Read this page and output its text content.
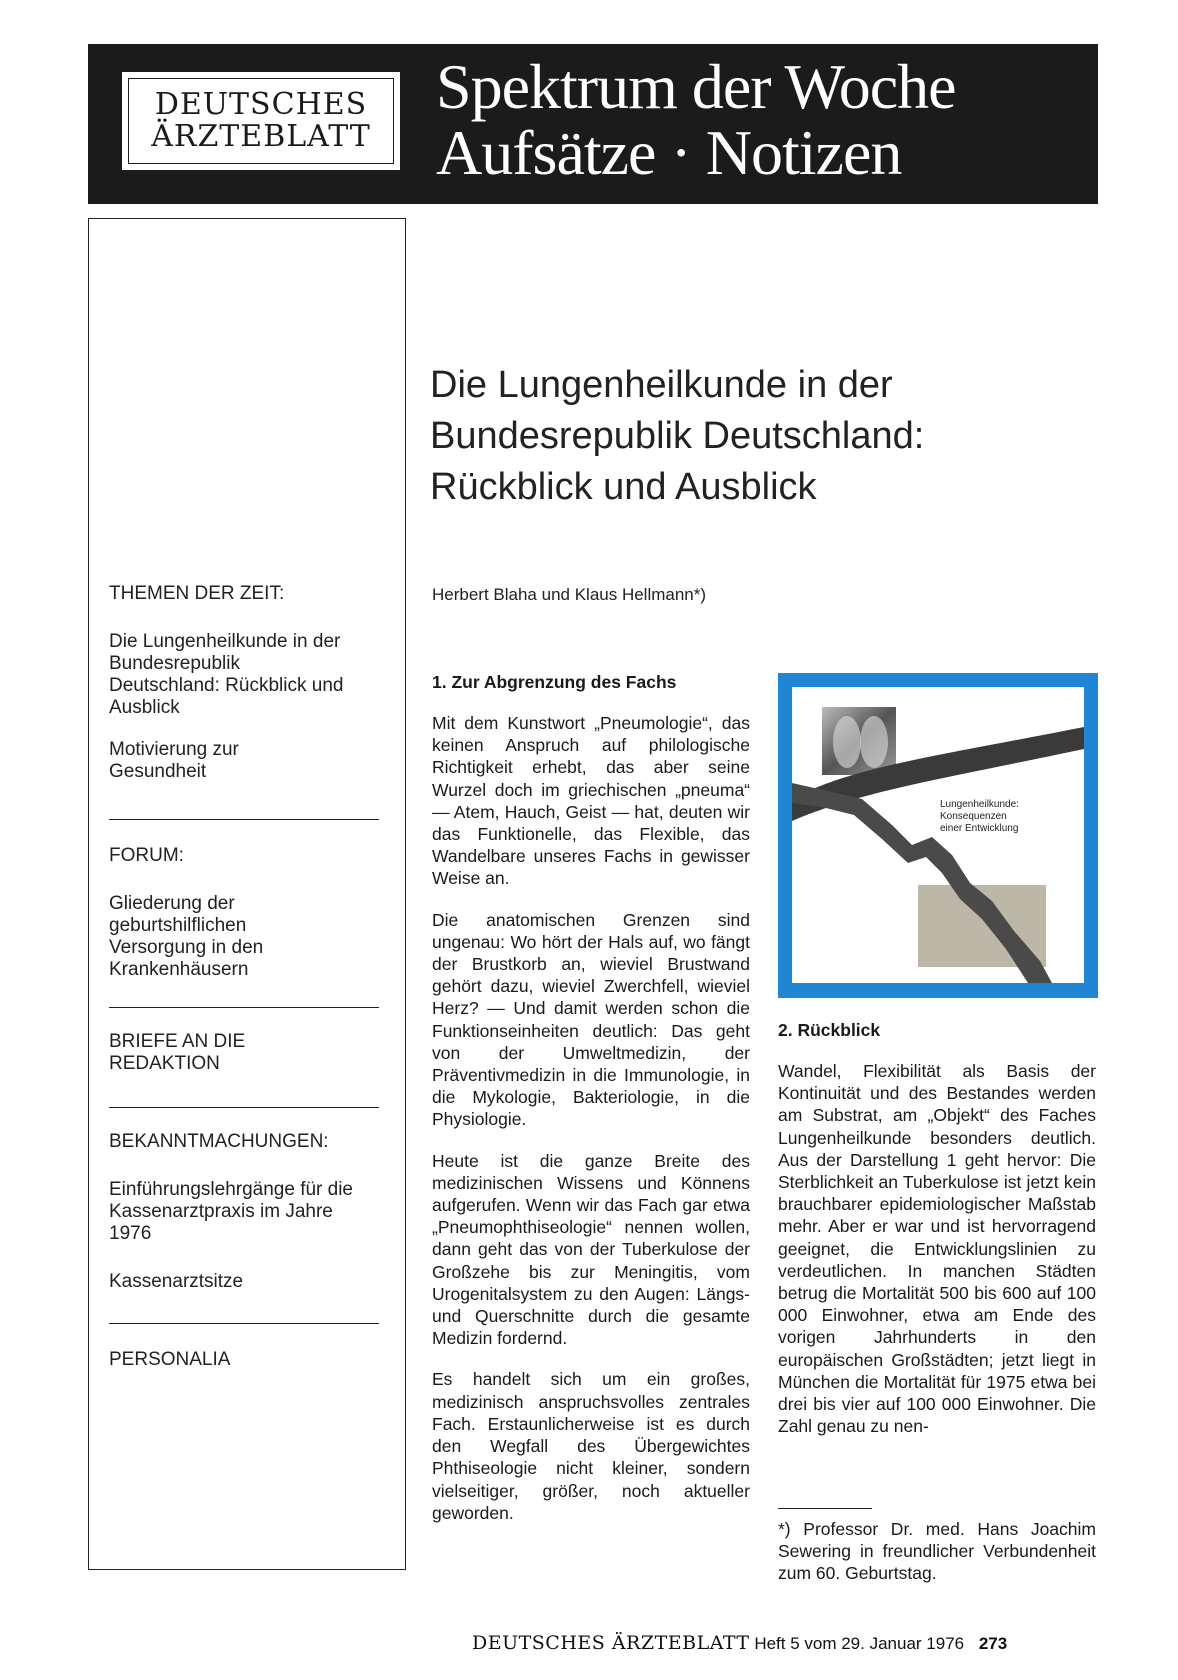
DEUTSCHES
ÄRZTEBLATT
Spektrum der Woche
Aufsätze · Notizen
THEMEN DER ZEIT:
Die Lungenheilkunde in der Bundesrepublik Deutschland: Rückblick und Ausblick
Motivierung zur Gesundheit
FORUM:
Gliederung der geburtshilflichen Versorgung in den Krankenhäusern
BRIEFE AN DIE REDAKTION
BEKANNTMACHUNGEN:
Einführungslehrgänge für die Kassenarztpraxis im Jahre 1976
Kassenarztsitze
PERSONALIA
Die Lungenheilkunde in der
Bundesrepublik Deutschland:
Rückblick und Ausblick
Herbert Blaha und Klaus Hellmann*)
1. Zur Abgrenzung des Fachs

Mit dem Kunstwort „Pneumologie“, das keinen Anspruch auf philologische Richtigkeit erhebt, das aber seine Wurzel doch im griechischen „pneuma“ — Atem, Hauch, Geist — hat, deuten wir das Funktionelle, das Flexible, das Wandelbare unseres Fachs in gewisser Weise an.

Die anatomischen Grenzen sind ungenau: Wo hört der Hals auf, wo fängt der Brustkorb an, wieviel Brustwand gehört dazu, wieviel Zwerchfell, wieviel Herz? — Und damit werden schon die Funktionseinheiten deutlich: Das geht von der Umweltmedizin, der Präventivmedizin in die Immunologie, in die Mykologie, Bakteriologie, in die Physiologie.

Heute ist die ganze Breite des medizinischen Wissens und Könnens aufgerufen. Wenn wir das Fach gar etwa „Pneumophthiseologie“ nennen wollen, dann geht das von der Tuberkulose der Großzehe bis zur Meningitis, vom Urogenitalsystem zu den Augen: Längs- und Querschnitte durch die gesamte Medizin fordernd.

Es handelt sich um ein großes, medizinisch anspruchsvolles zentrales Fach. Erstaunlicherweise ist es durch den Wegfall des Übergewichtes Phthiseologie nicht kleiner, sondern vielseitiger, größer, noch aktueller geworden.

Lungenheilkunde:
Konsequenzen
einer Entwicklung
2. Rückblick

Wandel, Flexibilität als Basis der Kontinuität und des Bestandes werden am Substrat, am „Objekt“ des Faches Lungenheilkunde besonders deutlich. Aus der Darstellung 1 geht hervor: Die Sterblichkeit an Tuberkulose ist jetzt kein brauchbarer epidemiologischer Maßstab mehr. Aber er war und ist hervorragend geeignet, die Entwicklungslinien zu verdeutlichen. In manchen Städten betrug die Mortalität 500 bis 600 auf 100 000 Einwohner, etwa am Ende des vorigen Jahrhunderts in den europäischen Großstädten; jetzt liegt in München die Mortalität für 1975 etwa bei drei bis vier auf 100 000 Einwohner. Die Zahl genau zu nen-

*) Professor Dr. med. Hans Joachim Sewering in freundlicher Verbundenheit zum 60. Geburtstag.
DEUTSCHES ÄRZTEBLATT Heft 5 vom 29. Januar 1976 273
